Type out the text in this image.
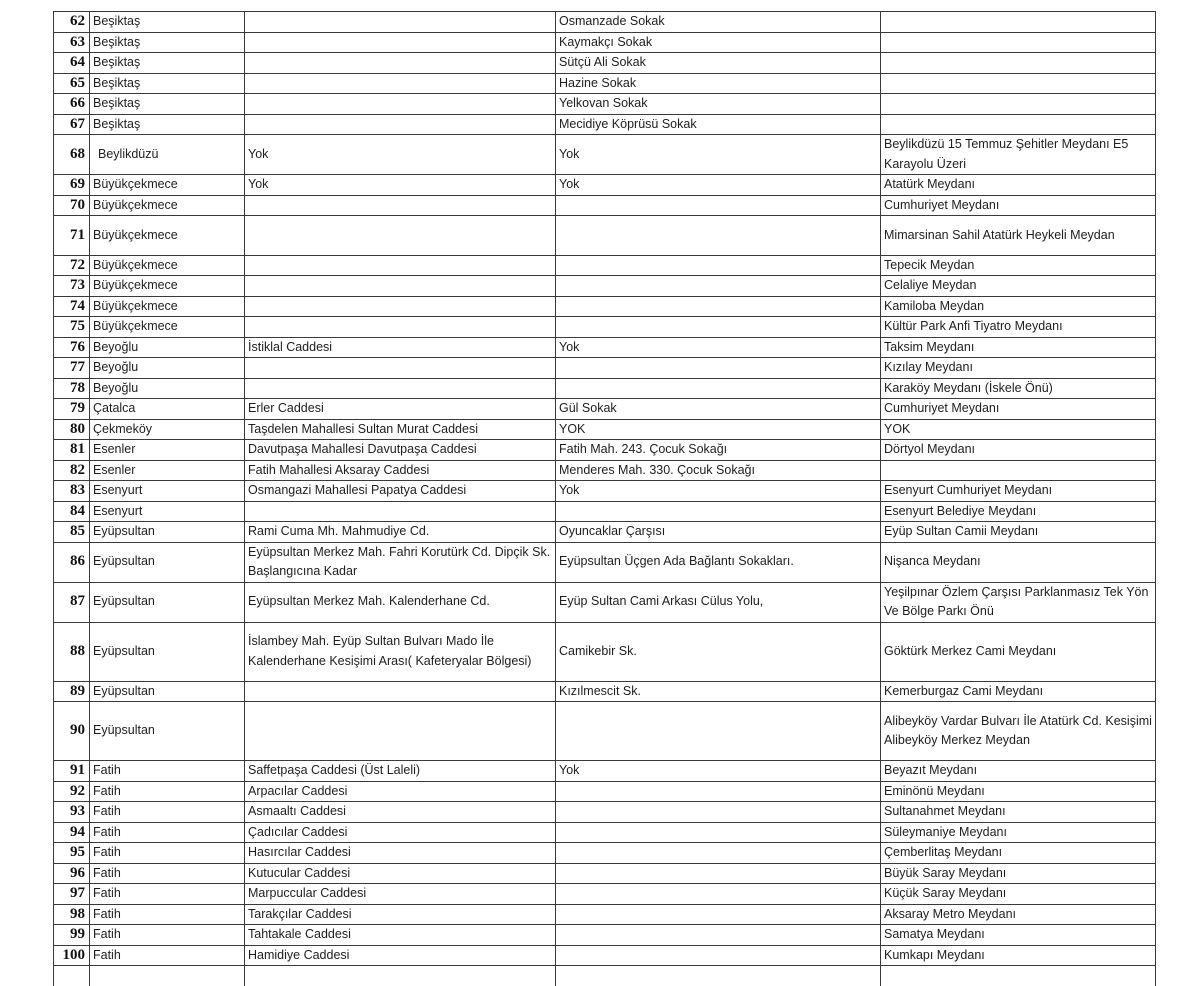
62	Beşiktaş		Osmanzade Sokak	
63	Beşiktaş		Kaymakçı Sokak	
64	Beşiktaş		Sütçü Ali Sokak	
65	Beşiktaş		Hazine Sokak	
66	Beşiktaş		Yelkovan Sokak	
67	Beşiktaş		Mecidiye Köprüsü Sokak	
68	Beylikdüzü	Yok	Yok	Beylikdüzü 15 Temmuz Şehitler Meydanı E5 Karayolu Üzeri
69	Büyükçekmece	Yok	Yok	Atatürk Meydanı
70	Büyükçekmece			Cumhuriyet Meydanı
71	Büyükçekmece			Mimarsinan Sahil Atatürk Heykeli Meydan
72	Büyükçekmece			Tepecik Meydan
73	Büyükçekmece			Celaliye Meydan
74	Büyükçekmece			Kamiloba Meydan
75	Büyükçekmece			Kültür Park Anfi Tiyatro Meydanı
76	Beyoğlu	İstiklal Caddesi	Yok	Taksim Meydanı
77	Beyoğlu			Kızılay Meydanı
78	Beyoğlu			Karaköy Meydanı (İskele Önü)
79	Çatalca	Erler Caddesi	Gül Sokak	Cumhuriyet Meydanı
80	Çekmeköy	Taşdelen Mahallesi Sultan Murat Caddesi	YOK	YOK
81	Esenler	Davutpaşa Mahallesi Davutpaşa Caddesi	Fatih Mah. 243. Çocuk Sokağı	Dörtyol Meydanı
82	Esenler	Fatih Mahallesi Aksaray Caddesi	Menderes Mah. 330. Çocuk Sokağı	
83	Esenyurt	Osmangazi Mahallesi Papatya Caddesi	Yok	Esenyurt Cumhuriyet Meydanı
84	Esenyurt			Esenyurt Belediye Meydanı
85	Eyüpsultan	Rami Cuma Mh. Mahmudiye Cd.	Oyuncaklar Çarşısı	Eyüp Sultan Camii Meydanı
86	Eyüpsultan	Eyüpsultan Merkez Mah. Fahri Korutürk Cd. Dipçik Sk. Başlangıcına Kadar	Eyüpsultan Üçgen Ada Bağlantı Sokakları.	Nişanca Meydanı
87	Eyüpsultan	Eyüpsultan Merkez Mah. Kalenderhane Cd.	Eyüp Sultan Cami Arkası Cülus Yolu,	Yeşilpınar Özlem Çarşısı Parklanmasız Tek Yön Ve Bölge Parkı Önü
88	Eyüpsultan	İslambey Mah. Eyüp Sultan Bulvarı Mado İle Kalenderhane Kesişimi Arası( Kafeteryalar Bölgesi)	Camikebir Sk.	Göktürk Merkez Cami Meydanı
89	Eyüpsultan		Kızılmescit Sk.	Kemerburgaz Cami Meydanı
90	Eyüpsultan			Alibeyköy Vardar Bulvarı İle Atatürk Cd. Kesişimi Alibeyköy Merkez Meydan
91	Fatih	Saffetpaşa Caddesi (Üst Laleli)	Yok	Beyazıt Meydanı
92	Fatih	Arpacılar Caddesi		Eminönü Meydanı
93	Fatih	Asmaaltı Caddesi		Sultanahmet Meydanı
94	Fatih	Çadıcılar Caddesi		Süleymaniye Meydanı
95	Fatih	Hasırcılar Caddesi		Çemberlitaş Meydanı
96	Fatih	Kutucular Caddesi		Büyük Saray Meydanı
97	Fatih	Marpuccular Caddesi		Küçük Saray Meydanı
98	Fatih	Tarakçılar Caddesi		Aksaray Metro Meydanı
99	Fatih	Tahtakale Caddesi		Samatya Meydanı
100	Fatih	Hamidiye Caddesi		Kumkapı Meydanı
